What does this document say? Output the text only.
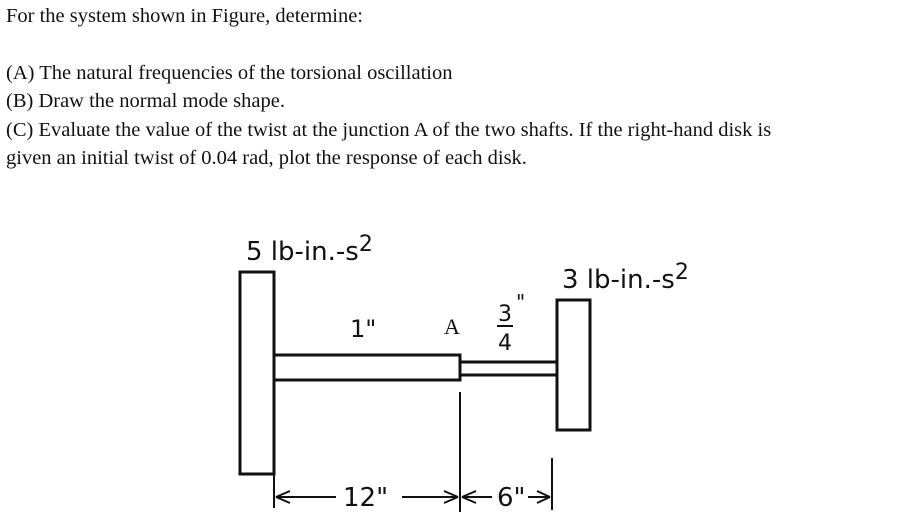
For the system shown in Figure, determine:
(A) The natural frequencies of the torsional oscillation
(B) Draw the normal mode shape.
(C) Evaluate the value of the twist at the junction A of the two shafts. If the right-hand disk is
given an initial twist of 0.04 rad, plot the response of each disk.
12"	6"
5 $lb-in.-s^2$
3 $lb-in.-s^2$
1"	A 3
4
"
